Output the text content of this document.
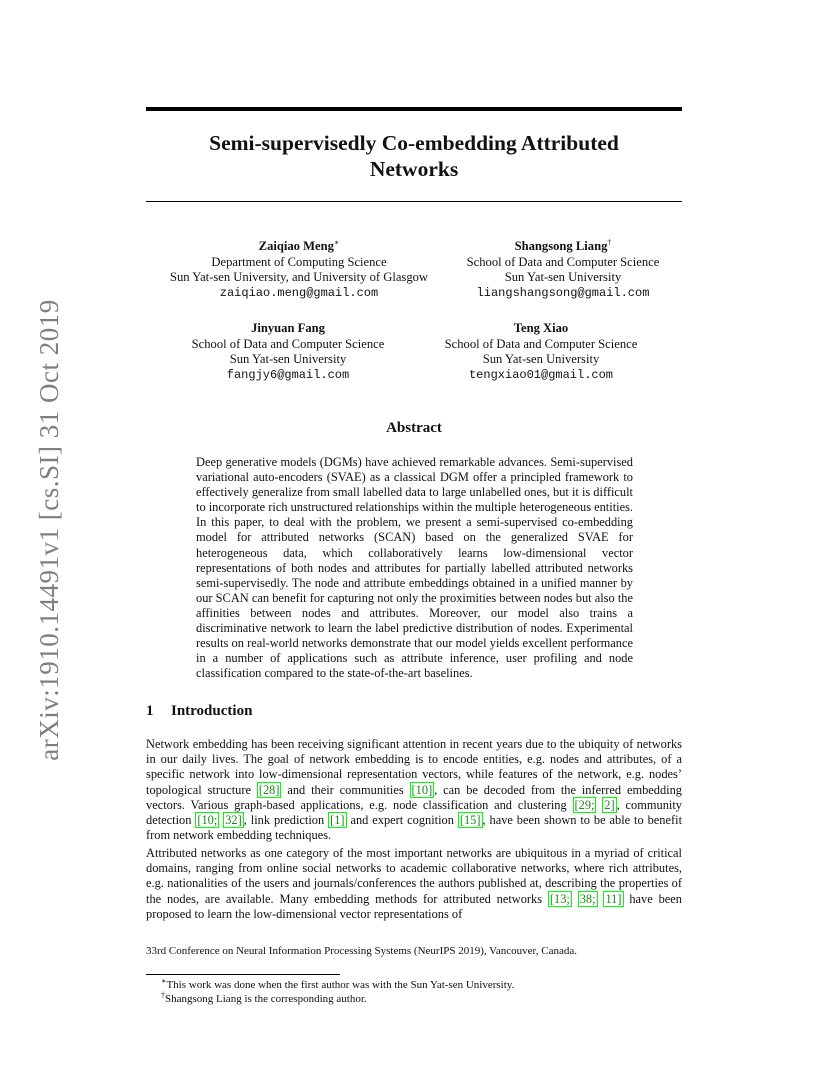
arXiv:1910.14491v1 [cs.SI] 31 Oct 2019
Semi-supervisedly Co-embedding Attributed
Networks
Zaiqiao Meng∗
Department of Computing Science
Sun Yat-sen University, and University of Glasgow
zaiqiao.meng@gmail.com
Shangsong Liang†
School of Data and Computer Science
Sun Yat-sen University
liangshangsong@gmail.com
Jinyuan Fang
School of Data and Computer Science
Sun Yat-sen University
fangjy6@gmail.com
Teng Xiao
School of Data and Computer Science
Sun Yat-sen University
tengxiao01@gmail.com
Abstract
Deep generative models (DGMs) have achieved remarkable advances. Semi-supervised variational auto-encoders (SVAE) as a classical DGM offer a principled framework to effectively generalize from small labelled data to large unlabelled ones, but it is difficult to incorporate rich unstructured relationships within the multiple heterogeneous entities. In this paper, to deal with the problem, we present a semi-supervised co-embedding model for attributed networks (SCAN) based on the generalized SVAE for heterogeneous data, which collaboratively learns low-dimensional vector representations of both nodes and attributes for partially labelled attributed networks semi-supervisedly. The node and attribute embeddings obtained in a unified manner by our SCAN can benefit for capturing not only the proximities between nodes but also the affinities between nodes and attributes. Moreover, our model also trains a discriminative network to learn the label predictive distribution of nodes. Experimental results on real-world networks demonstrate that our model yields excellent performance in a number of applications such as attribute inference, user profiling and node classification compared to the state-of-the-art baselines.
1 Introduction
Network embedding has been receiving significant attention in recent years due to the ubiquity of networks in our daily lives. The goal of network embedding is to encode entities, e.g. nodes and attributes, of a specific network into low-dimensional representation vectors, while features of the network, e.g. nodes’ topological structure [28] and their communities [10] , can be decoded from the inferred embedding vectors. Various graph-based applications, e.g. node classification and clustering [29; 2] , community detection [10; 32] , link prediction [1] and expert cognition [15] , have been shown to be able to benefit from network embedding techniques.
Attributed networks as one category of the most important networks are ubiquitous in a myriad of critical domains, ranging from online social networks to academic collaborative networks, where rich attributes, e.g. nationalities of the users and journals/conferences the authors published at, describing the properties of the nodes, are available. Many embedding methods for attributed networks [13; 38; 11] have been proposed to learn the low-dimensional vector representations of
33rd Conference on Neural Information Processing Systems (NeurIPS 2019), Vancouver, Canada.
∗This work was done when the first author was with the Sun Yat-sen University.
†Shangsong Liang is the corresponding author.
